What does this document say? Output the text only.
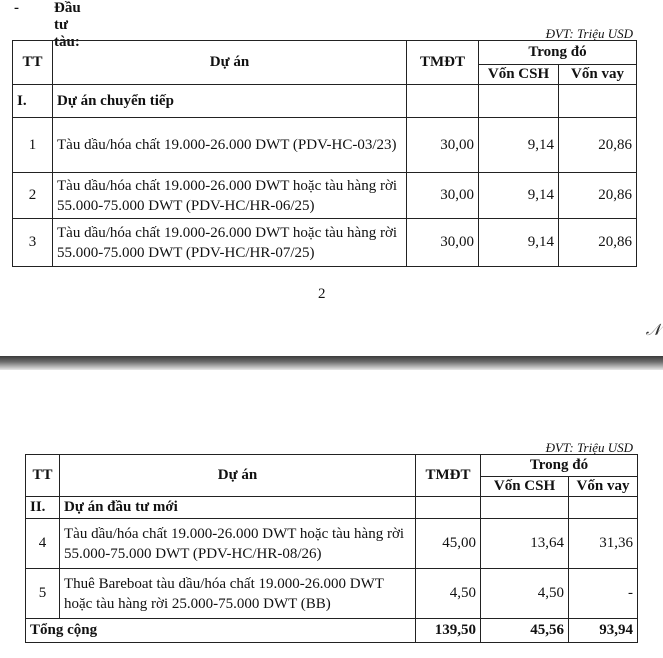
- Đầu tư tàu:
ĐVT: Triệu USD
TT	Dự án	TMĐT	Trong đó	
			Vốn CSH	Vốn vay
I.	Dự án chuyển tiếp			
1	Tàu dầu/hóa chất 19.000-26.000 DWT (PDV-HC-03/23)	30,00	9,14	20,86
2	Tàu dầu/hóa chất 19.000-26.000 DWT hoặc tàu hàng rời 55.000-75.000 DWT (PDV-HC/HR-06/25)	30,00	9,14	20,86
3	Tàu dầu/hóa chất 19.000-26.000 DWT hoặc tàu hàng rời 55.000-75.000 DWT (PDV-HC/HR-07/25)	30,00	9,14	20,86
2
𝒩
ĐVT: Triệu USD
TT	Dự án	TMĐT	Trong đó	
			Vốn CSH	Vốn vay
II.	Dự án đầu tư mới			
4	Tàu dầu/hóa chất 19.000-26.000 DWT hoặc tàu hàng rời 55.000-75.000 DWT (PDV-HC/HR-08/26)	45,00	13,64	31,36
5	Thuê Bareboat tàu dầu/hóa chất 19.000-26.000 DWT hoặc tàu hàng rời 25.000-75.000 DWT (BB)	4,50	4,50	-
Tổng cộng		139,50	45,56	93,94
